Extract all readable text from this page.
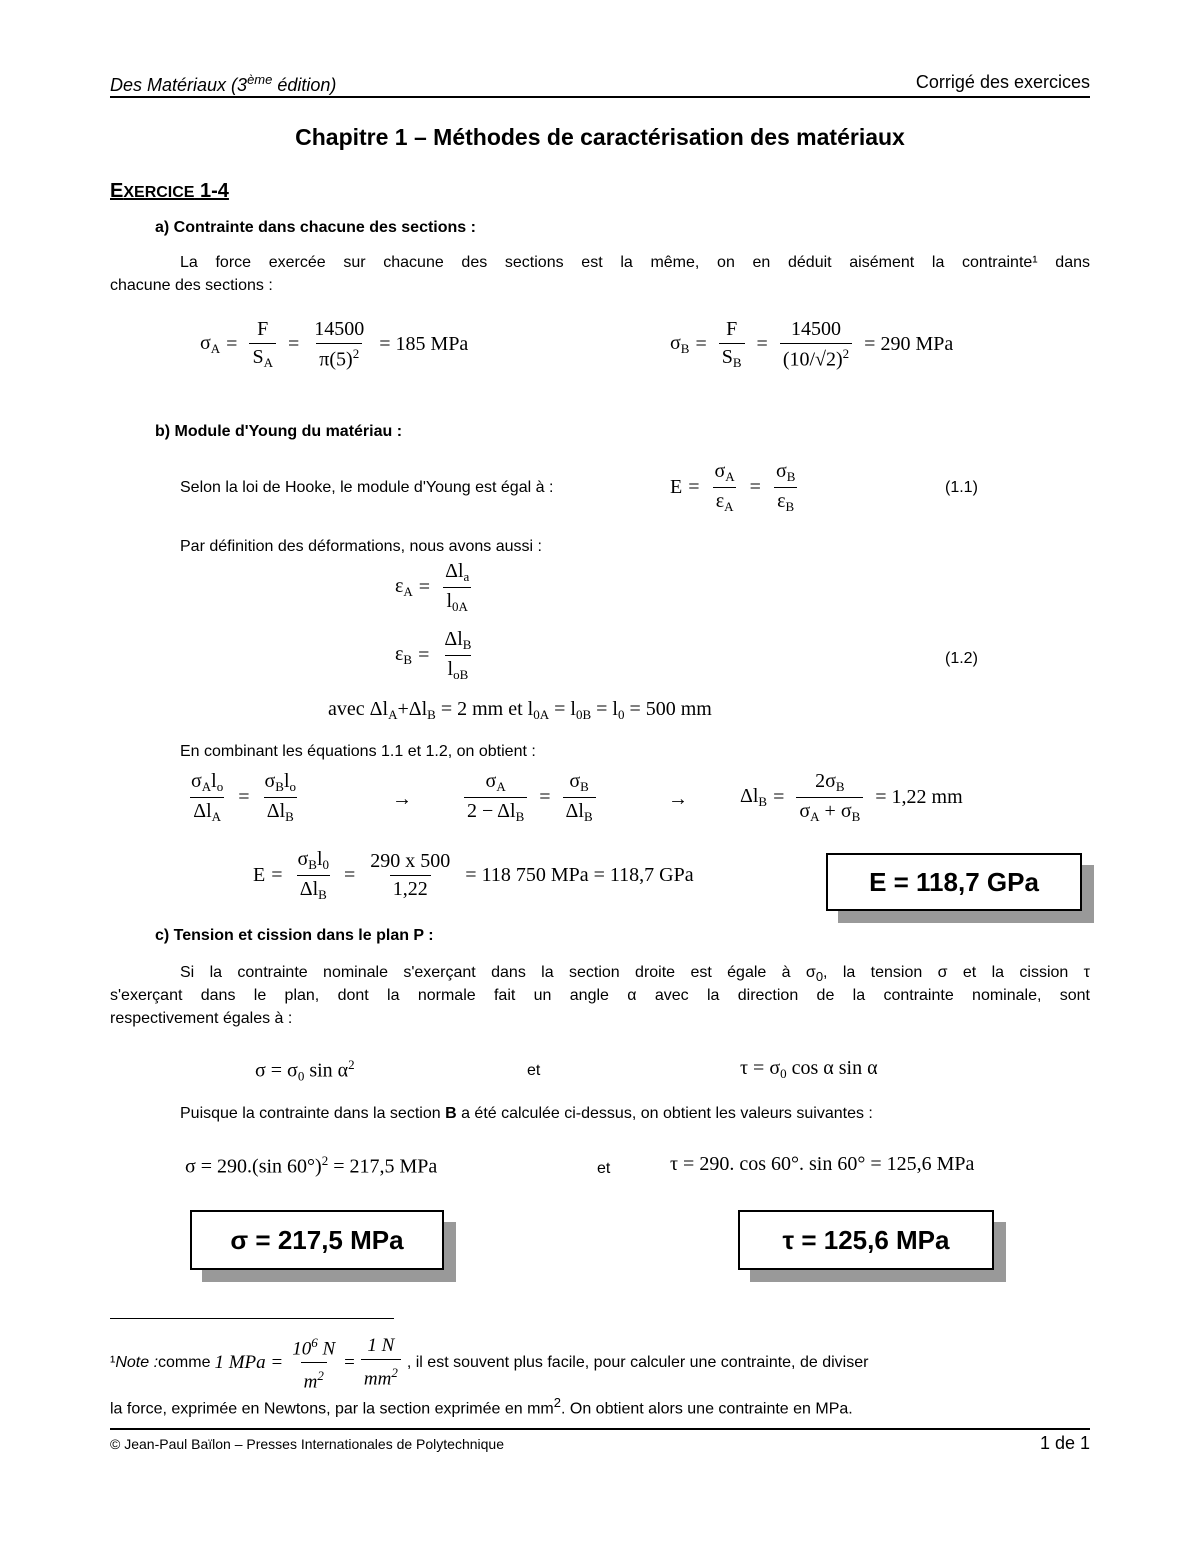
Des Matériaux (3ème édition)	Corrigé des exercices
Chapitre 1 – Méthodes de caractérisation des matériaux
EXERCICE 1-4
a) Contrainte dans chacune des sections :
La force exercée sur chacune des sections est la même, on en déduit aisément la contrainte¹ dans
chacune des sections :
$\sigma_A = \frac{F}{S_A} = \frac{14500}{\pi(5)^2} = 185$ MPa	$\sigma_B = \frac{F}{S_B} = \frac{14500}{(10/√2)^2} = 290$ MPa
b) Module d'Young du matériau :
Selon la loi de Hooke, le module d'Young est égal à :	$E = \frac{\sigma_A}{\varepsilon_A} = \frac{\sigma_B}{\varepsilon_B}$	(1.1)
Par définition des déformations, nous avons aussi :
$\varepsilon_A = \frac{\Delta l_a}{l_{0A}}$
$\varepsilon_B = \frac{\Delta l_B}{l_{oB}}$	(1.2)
avec $\Delta l_A+\Delta l_B = 2$ mm et $l_{0A} = l_{0B} = l_0 = 500$ mm
En combinant les équations 1.1 et 1.2, on obtient :
$\frac{\sigma_Al_o}{\Delta l_A} = \frac{\sigma_Bl_o}{\Delta l_B}$	→	$\frac{\sigma_A}{2 - \Delta l_B} = \frac{\sigma_B}{\Delta l_B}$	→	$\Delta l_B = \frac{2\sigma_B}{\sigma_A + \sigma_B} = 1,22$ mm
$E = \frac{\sigma_Bl_0}{\Delta l_B} = \frac{290 x 500}{1,22} = 118$ 750 MPa = 118,7 GPa	E = 118,7 GPa
c) Tension et cission dans le plan P :
Si la contrainte nominale s'exerçant dans la section droite est égale à $\sigma_0$, la tension σ et la cission τ
s'exerçant dans le plan, dont la normale fait un angle α avec la direction de la contrainte nominale, sont
respectivement égales à :
$\sigma = \sigma_0$ $\sin \alpha^2$	et	$\tau = \sigma_0$ cos α sin α
Puisque la contrainte dans la section B a été calculée ci-dessus, on obtient les valeurs suivantes :
σ = 290.(sin 60°)$^2$ = 217,5 MPa	et	τ = 290. cos 60°. sin 60° = 125,6 MPa
σ = 217,5 MPa	τ = 125,6 MPa
¹ Note : comme 1 MPa = $\frac{10^6 N}{m^2} = \frac{1 N}{mm^2}$ , il est souvent plus facile, pour calculer une contrainte, de diviser
la force, exprimée en Newtons, par la section exprimée en $mm^2$. On obtient alors une contrainte en MPa.
© Jean-Paul Baïlon – Presses Internationales de Polytechnique	1 de 1
